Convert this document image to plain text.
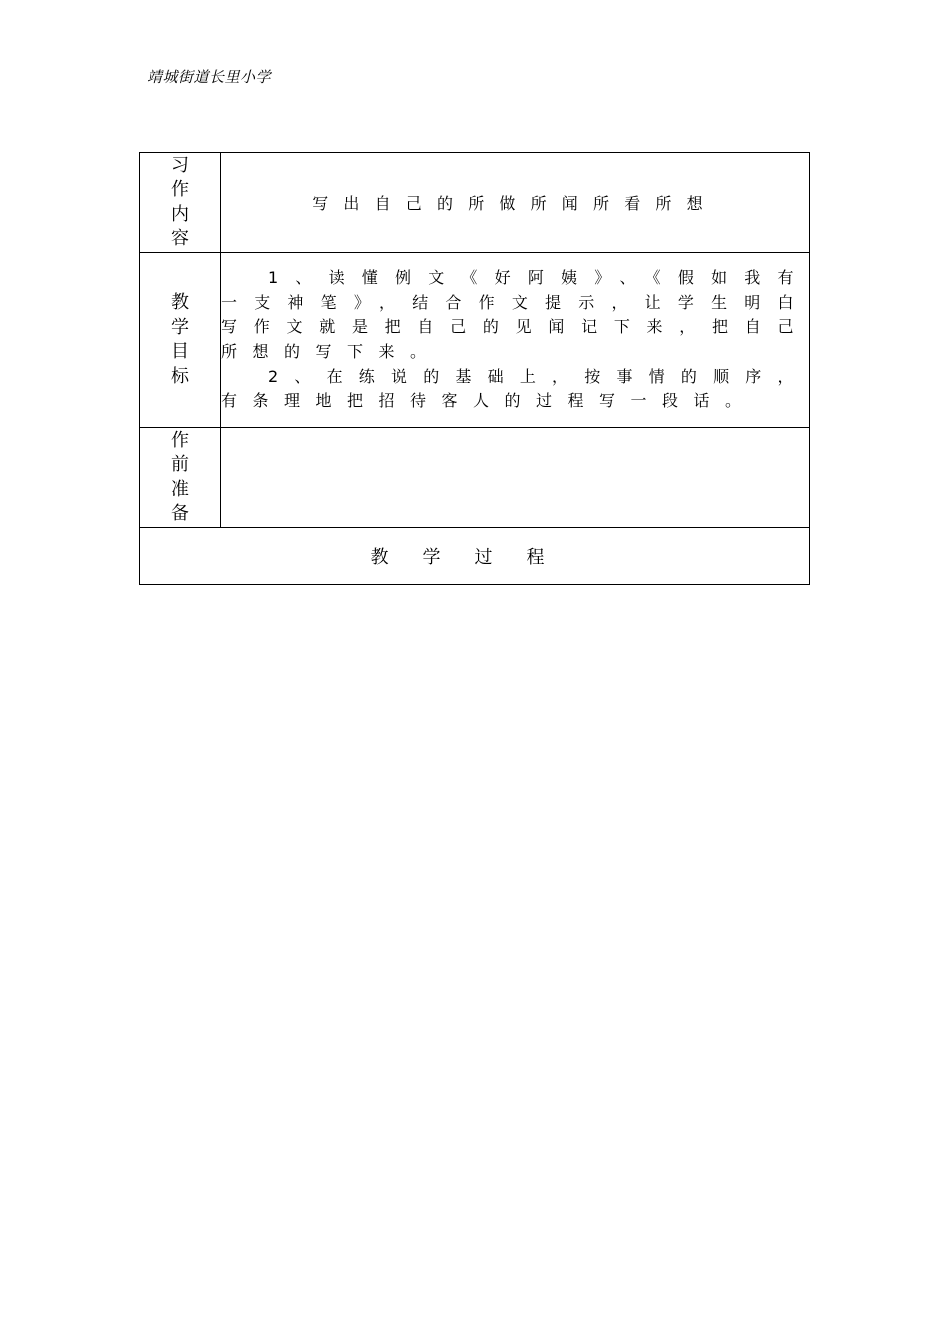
靖城街道长里小学
习作内容	写出自己的所做所闻所看所想
教学目标	1、读懂例文《好阿姨》、《假如我有一支神笔》，结合作文提示，让学生明白写作文就是把自己的见闻记下来，把自己所想的写下来。

2、在练说的基础上，按事情的顺序，有条理地把招待客人的过程写一段话。

作前准备	
教学过程	
